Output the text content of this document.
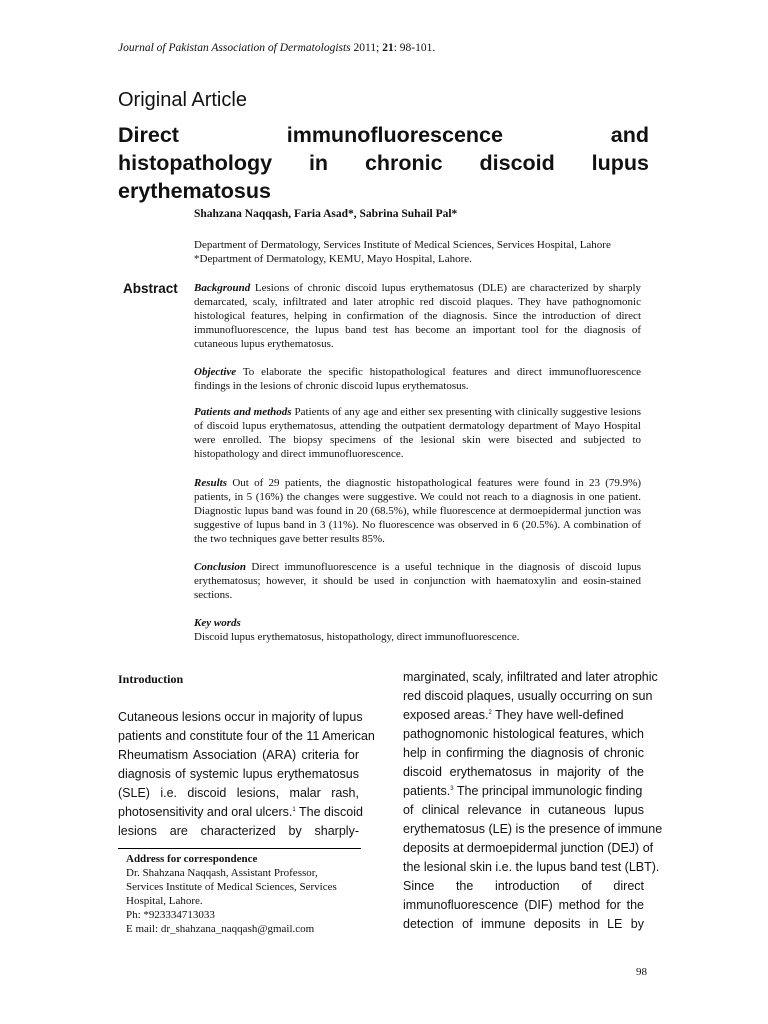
Journal of Pakistan Association of Dermatologists 2011; 21: 98-101.
Original Article
Direct immunofluorescence and
histopathology in chronic discoid lupus
erythematosus
Shahzana Naqqash, Faria Asad*, Sabrina Suhail Pal*
Department of Dermatology, Services Institute of Medical Sciences, Services Hospital, Lahore
*Department of Dermatology, KEMU, Mayo Hospital, Lahore.
Abstract Background Lesions of chronic discoid lupus erythematosus (DLE) are characterized by sharply demarcated, scaly, infiltrated and later atrophic red discoid plaques. They have pathognomonic histological features, helping in confirmation of the diagnosis. Since the introduction of direct immunofluorescence, the lupus band test has become an important tool for the diagnosis of cutaneous lupus erythematosus.
Objective To elaborate the specific histopathological features and direct immunofluorescence findings in the lesions of chronic discoid lupus erythematosus.
Patients and methods Patients of any age and either sex presenting with clinically suggestive lesions of discoid lupus erythematosus, attending the outpatient dermatology department of Mayo Hospital were enrolled. The biopsy specimens of the lesional skin were bisected and subjected to histopathology and direct immunofluorescence.
Results Out of 29 patients, the diagnostic histopathological features were found in 23 (79.9%) patients, in 5 (16%) the changes were suggestive. We could not reach to a diagnosis in one patient. Diagnostic lupus band was found in 20 (68.5%), while fluorescence at dermoepidermal junction was suggestive of lupus band in 3 (11%). No fluorescence was observed in 6 (20.5%). A combination of the two techniques gave better results 85%.
Conclusion Direct immunofluorescence is a useful technique in the diagnosis of discoid lupus erythematosus; however, it should be used in conjunction with haematoxylin and eosin-stained sections.
Key words
Discoid lupus erythematosus, histopathology, direct immunofluorescence.
Introduction
Cutaneous lesions occur in majority of lupus
patients and constitute four of the 11 American
Rheumatism Association (ARA) criteria for
diagnosis of systemic lupus erythematosus
(SLE) i.e. discoid lesions, malar rash,
photosensitivity and oral ulcers.$^1$ The discoid
lesions are characterized by sharply-
marginated, scaly, infiltrated and later atrophic
red discoid plaques, usually occurring on sun
exposed areas.$^2$ They have well-defined
pathognomonic histological features, which
help in confirming the diagnosis of chronic
discoid erythematosus in majority of the
patients.$^3$ The principal immunologic finding
of clinical relevance in cutaneous lupus
erythematosus (LE) is the presence of immune
deposits at dermoepidermal junction (DEJ) of
the lesional skin i.e. the lupus band test (LBT).
Since the introduction of direct
immunofluorescence (DIF) method for the
detection of immune deposits in LE by
Address for correspondence
Dr. Shahzana Naqqash, Assistant Professor,
Services Institute of Medical Sciences, Services
Hospital, Lahore.
Ph: *923334713033
E mail: dr_shahzana_naqqash@gmail.com
98
